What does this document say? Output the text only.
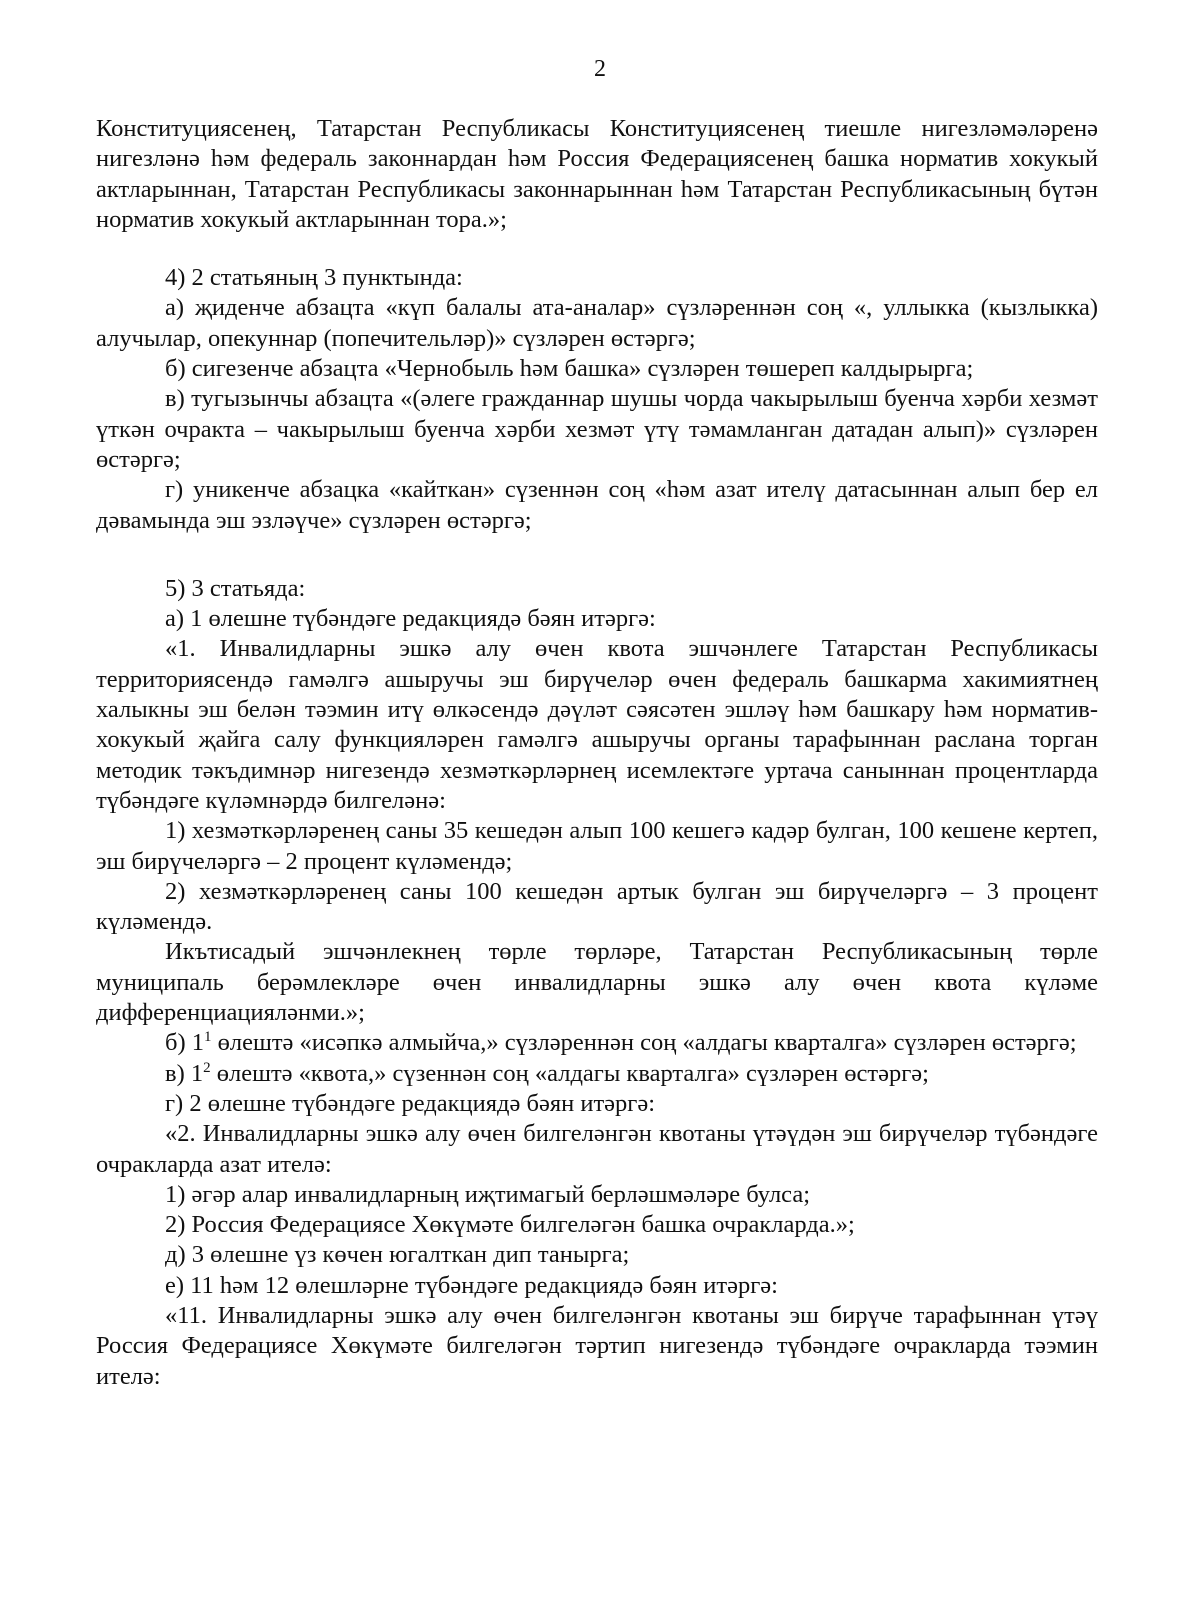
2

Конституциясенең, Татарстан Республикасы Конституциясенең тиешле нигезләмәләренә нигезләнә һәм федераль законнардан һәм Россия Федерациясенең башка норматив хокукый актларыннан, Татарстан Республикасы законнарыннан һәм Татарстан Республикасының бүтән норматив хокукый актларыннан тора.»;

4) 2 статьяның 3 пунктында:

а) җиденче абзацта «күп балалы ата-аналар» сүзләреннән соң «, уллыкка (кызлыкка) алучылар, опекуннар (попечительләр)» сүзләрен өстәргә;

б) сигезенче абзацта «Чернобыль һәм башка» сүзләрен төшереп калдырырга;

в) тугызынчы абзацта «(әлеге гражданнар шушы чорда чакырылыш буенча хәрби хезмәт үткән очракта – чакырылыш буенча хәрби хезмәт үтү тәмамланган датадан алып)» сүзләрен өстәргә;

г) уникенче абзацка «кайткан» сүзеннән соң «һәм азат ителү датасыннан алып бер ел дәвамында эш эзләүче» сүзләрен өстәргә;

5) 3 статьяда:

а) 1 өлешне түбәндәге редакциядә бәян итәргә:

«1. Инвалидларны эшкә алу өчен квота эшчәнлеге Татарстан Республикасы территориясендә гамәлгә ашыручы эш бирүчеләр өчен федераль башкарма хакимиятнең халыкны эш белән тәэмин итү өлкәсендә дәүләт сәясәтен эшләү һәм башкару һәм норматив-хокукый җайга салу функцияләрен гамәлгә ашыручы органы тарафыннан раслана торган методик тәкъдимнәр нигезендә хезмәткәрләрнең исемлектәге уртача саныннан процентларда түбәндәге күләмнәрдә билгеләнә:

1) хезмәткәрләренең саны 35 кешедән алып 100 кешегә кадәр булган, 100 кешене кертеп, эш бирүчеләргә – 2 процент күләмендә;

2) хезмәткәрләренең саны 100 кешедән артык булган эш бирүчеләргә – 3 процент күләмендә.

Икътисадый эшчәнлекнең төрле төрләре, Татарстан Республикасының төрле муниципаль берәмлекләре өчен инвалидларны эшкә алу өчен квота күләме дифференциацияләнми.»;

б) $1^1$ өлештә «исәпкә алмыйча,» сүзләреннән соң «алдагы кварталга» сүзләрен өстәргә;

в) $1^2$ өлештә «квота,» сүзеннән соң «алдагы кварталга» сүзләрен өстәргә;

г) 2 өлешне түбәндәге редакциядә бәян итәргә:

«2. Инвалидларны эшкә алу өчен билгеләнгән квотаны үтәүдән эш бирүчеләр түбәндәге очракларда азат ителә:

1) әгәр алар инвалидларның иҗтимагый берләшмәләре булса;

2) Россия Федерациясе Хөкүмәте билгеләгән башка очракларда.»;

д) 3 өлешне үз көчен югалткан дип танырга;

е) 11 һәм 12 өлешләрне түбәндәге редакциядә бәян итәргә:

«11. Инвалидларны эшкә алу өчен билгеләнгән квотаны эш бирүче тарафыннан үтәү Россия Федерациясе Хөкүмәте билгеләгән тәртип нигезендә түбәндәге очракларда тәэмин ителә:
